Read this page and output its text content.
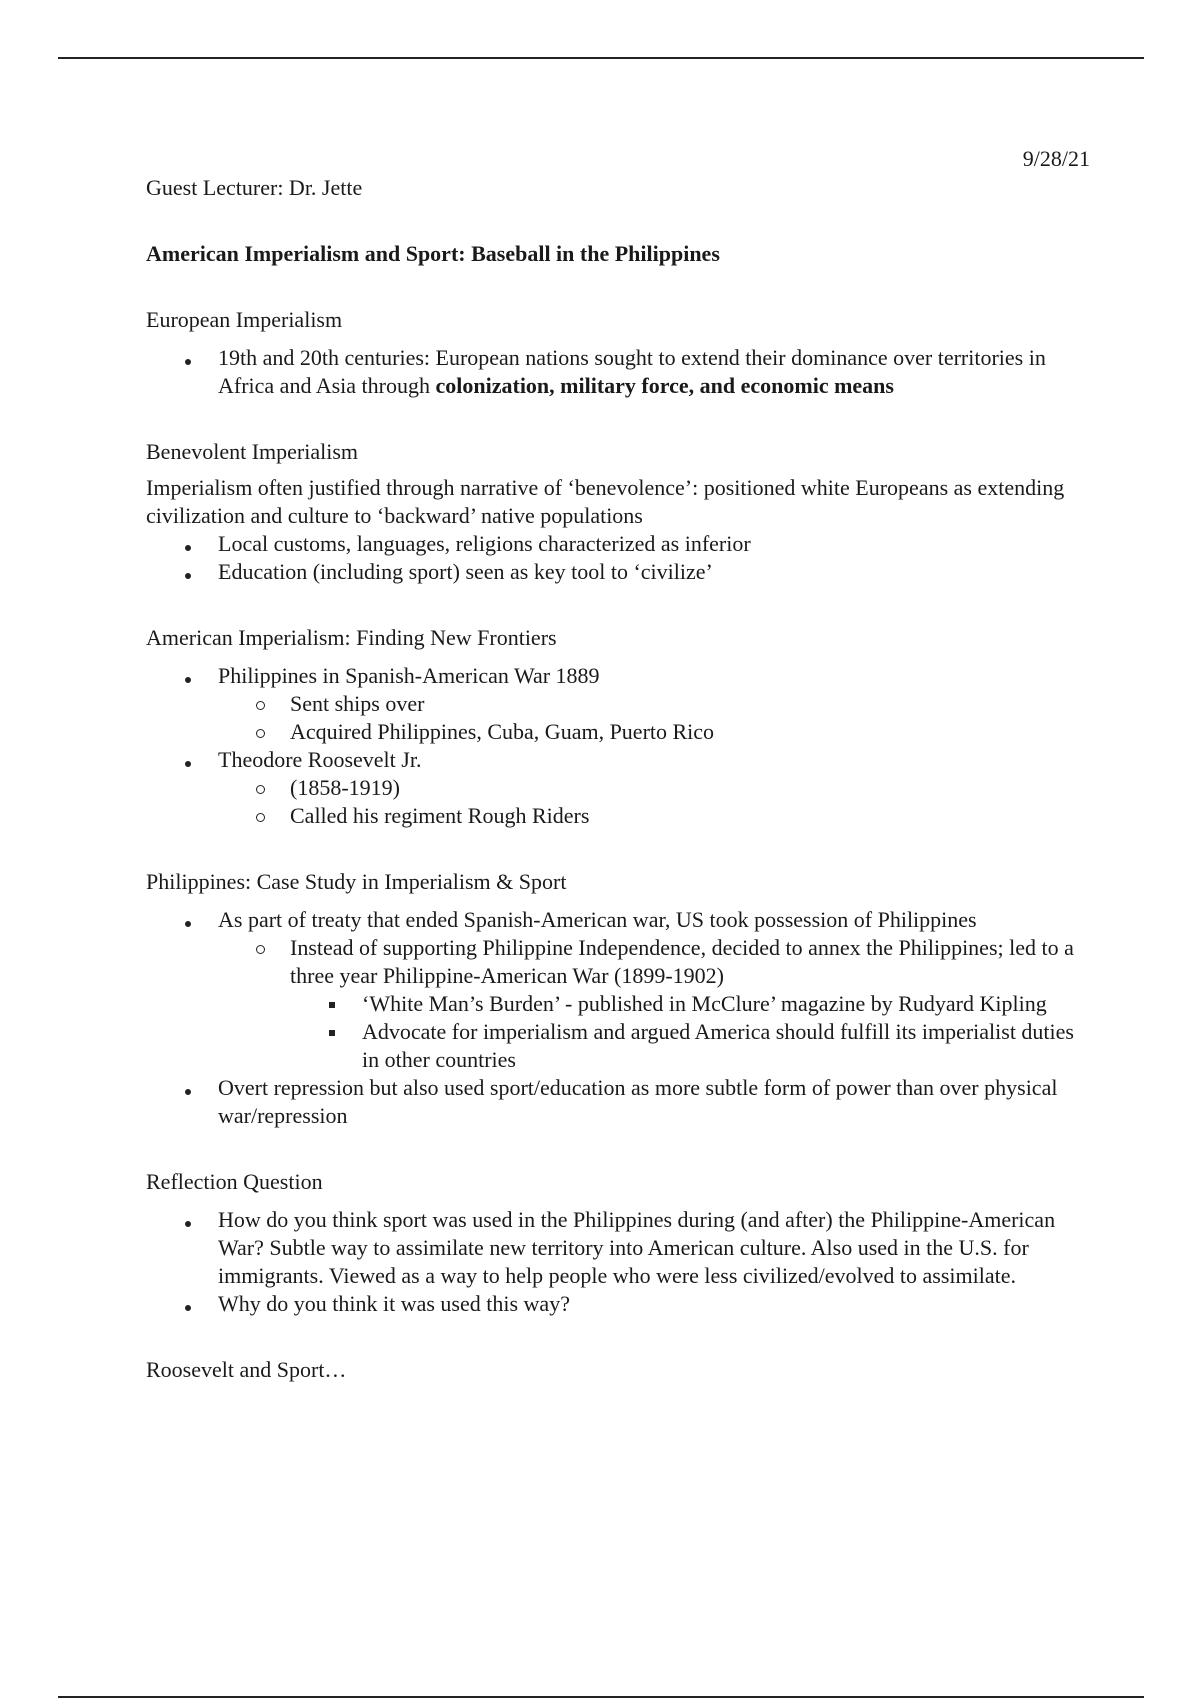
9/28/21

Guest Lecturer: Dr. Jette

American Imperialism and Sport: Baseball in the Philippines

European Imperialism

19th and 20th centuries: European nations sought to extend their dominance over territories in Africa and Asia through colonization, military force, and economic means

Benevolent Imperialism

Imperialism often justified through narrative of ‘benevolence’: positioned white Europeans as extending civilization and culture to ‘backward’ native populations

Local customs, languages, religions characterized as inferior
Education (including sport) seen as key tool to ‘civilize’

American Imperialism: Finding New Frontiers

Philippines in Spanish-American War 1889
Sent ships over
Acquired Philippines, Cuba, Guam, Puerto Rico
Theodore Roosevelt Jr.
(1858-1919)
Called his regiment Rough Riders

Philippines: Case Study in Imperialism & Sport

As part of treaty that ended Spanish-American war, US took possession of Philippines
Instead of supporting Philippine Independence, decided to annex the Philippines; led to a three year Philippine-American War (1899-1902)
‘White Man’s Burden’ - published in McClure’ magazine by Rudyard Kipling
Advocate for imperialism and argued America should fulfill its imperialist duties in other countries
Overt repression but also used sport/education as more subtle form of power than over physical war/repression

Reflection Question

How do you think sport was used in the Philippines during (and after) the Philippine-American War? Subtle way to assimilate new territory into American culture. Also used in the U.S. for immigrants. Viewed as a way to help people who were less civilized/evolved to assimilate.
Why do you think it was used this way?

Roosevelt and Sport…
